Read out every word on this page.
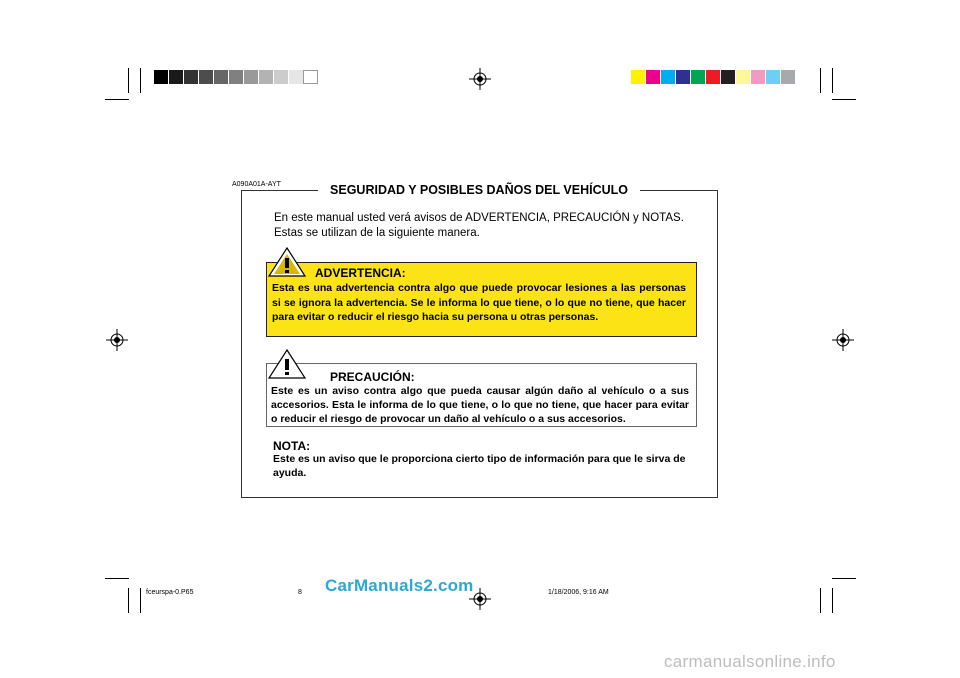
A090A01A-AYT	SEGURIDAD Y POSIBLES DAÑOS DEL VEHÍCULO
En este manual usted verá avisos de ADVERTENCIA, PRECAUCIÓN y NOTAS.
Estas se utilizan de la siguiente manera.
ADVERTENCIA:
Esta es una advertencia contra algo que puede provocar lesiones a las personas si se ignora la advertencia. Se le informa lo que tiene, o lo que no tiene, que hacer para evitar o reducir el riesgo hacia su persona u otras personas.
PRECAUCIÓN:
Este es un aviso contra algo que pueda causar algún daño al vehículo o a sus accesorios. Esta le informa de lo que tiene, o lo que no tiene, que hacer para evitar o reducir el riesgo de provocar un daño al vehículo o a sus accesorios.
NOTA:
Este es un aviso que le proporciona cierto tipo de información para que le sirva de ayuda.
fceurspa-0.P65	8	1/18/2006, 9:16 AM
CarManuals2.com
carmanualsonline.info
